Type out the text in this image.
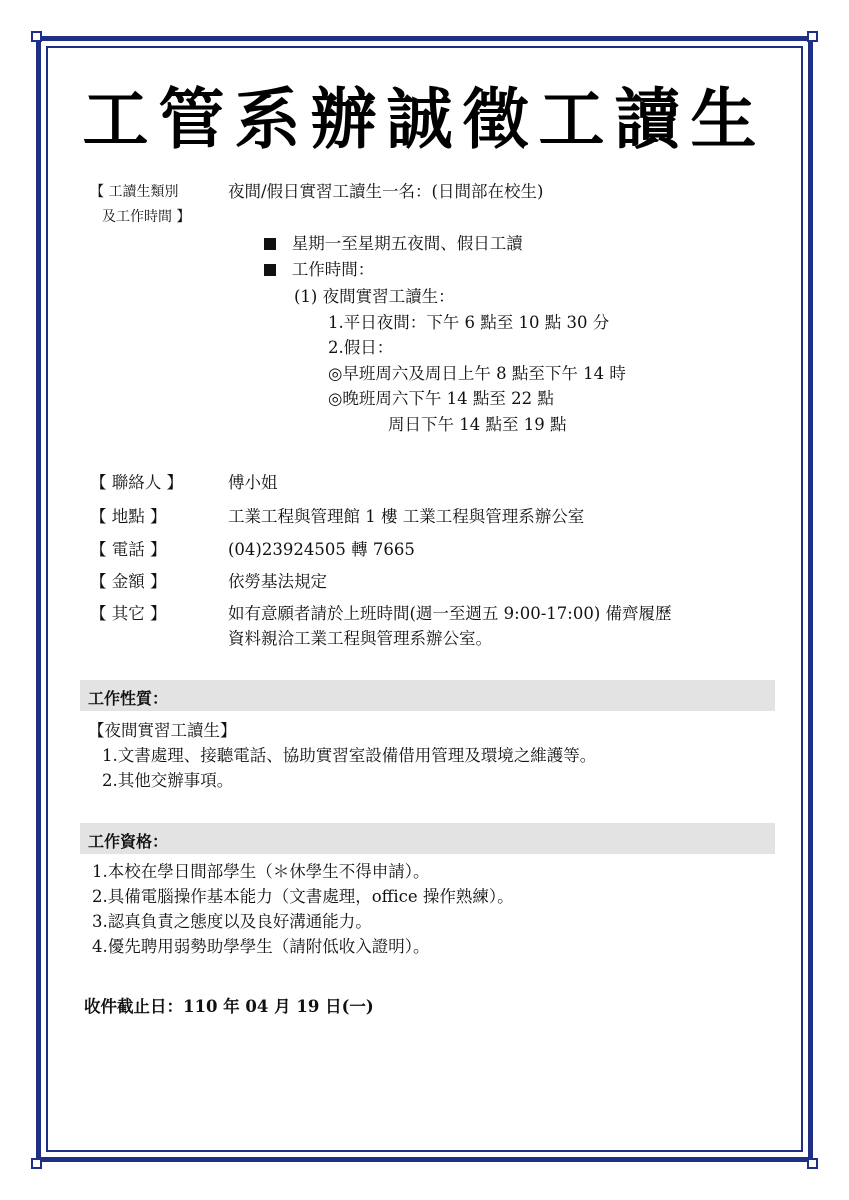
工管系辦誠徵工讀生
【 工讀生類別
及工作時間 】
夜間/假日實習工讀生一名：(日間部在校生)
星期一至星期五夜間、假日工讀
工作時間：
(1) 夜間實習工讀生：
1.平日夜間：下午 6 點至 10 點 30 分
2.假日：
◎早班周六及周日上午 8 點至下午 14 時
◎晚班周六下午 14 點至 22 點
周日下午 14 點至 19 點
【 聯絡人 】	傅小姐
【 地點 】	工業工程與管理館 1 樓 工業工程與管理系辦公室
【 電話 】	(04)23924505 轉 7665
【 金額 】	依勞基法規定
【 其它 】	如有意願者請於上班時間(週一至週五 9:00-17:00) 備齊履歷
資料親洽工業工程與管理系辦公室。
工作性質：
【夜間實習工讀生】
1.文書處理、接聽電話、協助實習室設備借用管理及環境之維護等。
2.其他交辦事項。
工作資格：
1.本校在學日間部學生（＊休學生不得申請）。
2.具備電腦操作基本能力（文書處理，office 操作熟練）。
3.認真負責之態度以及良好溝通能力。
4.優先聘用弱勢助學學生（請附低收入證明）。
收件截止日：110 年 04 月 19 日(一)
